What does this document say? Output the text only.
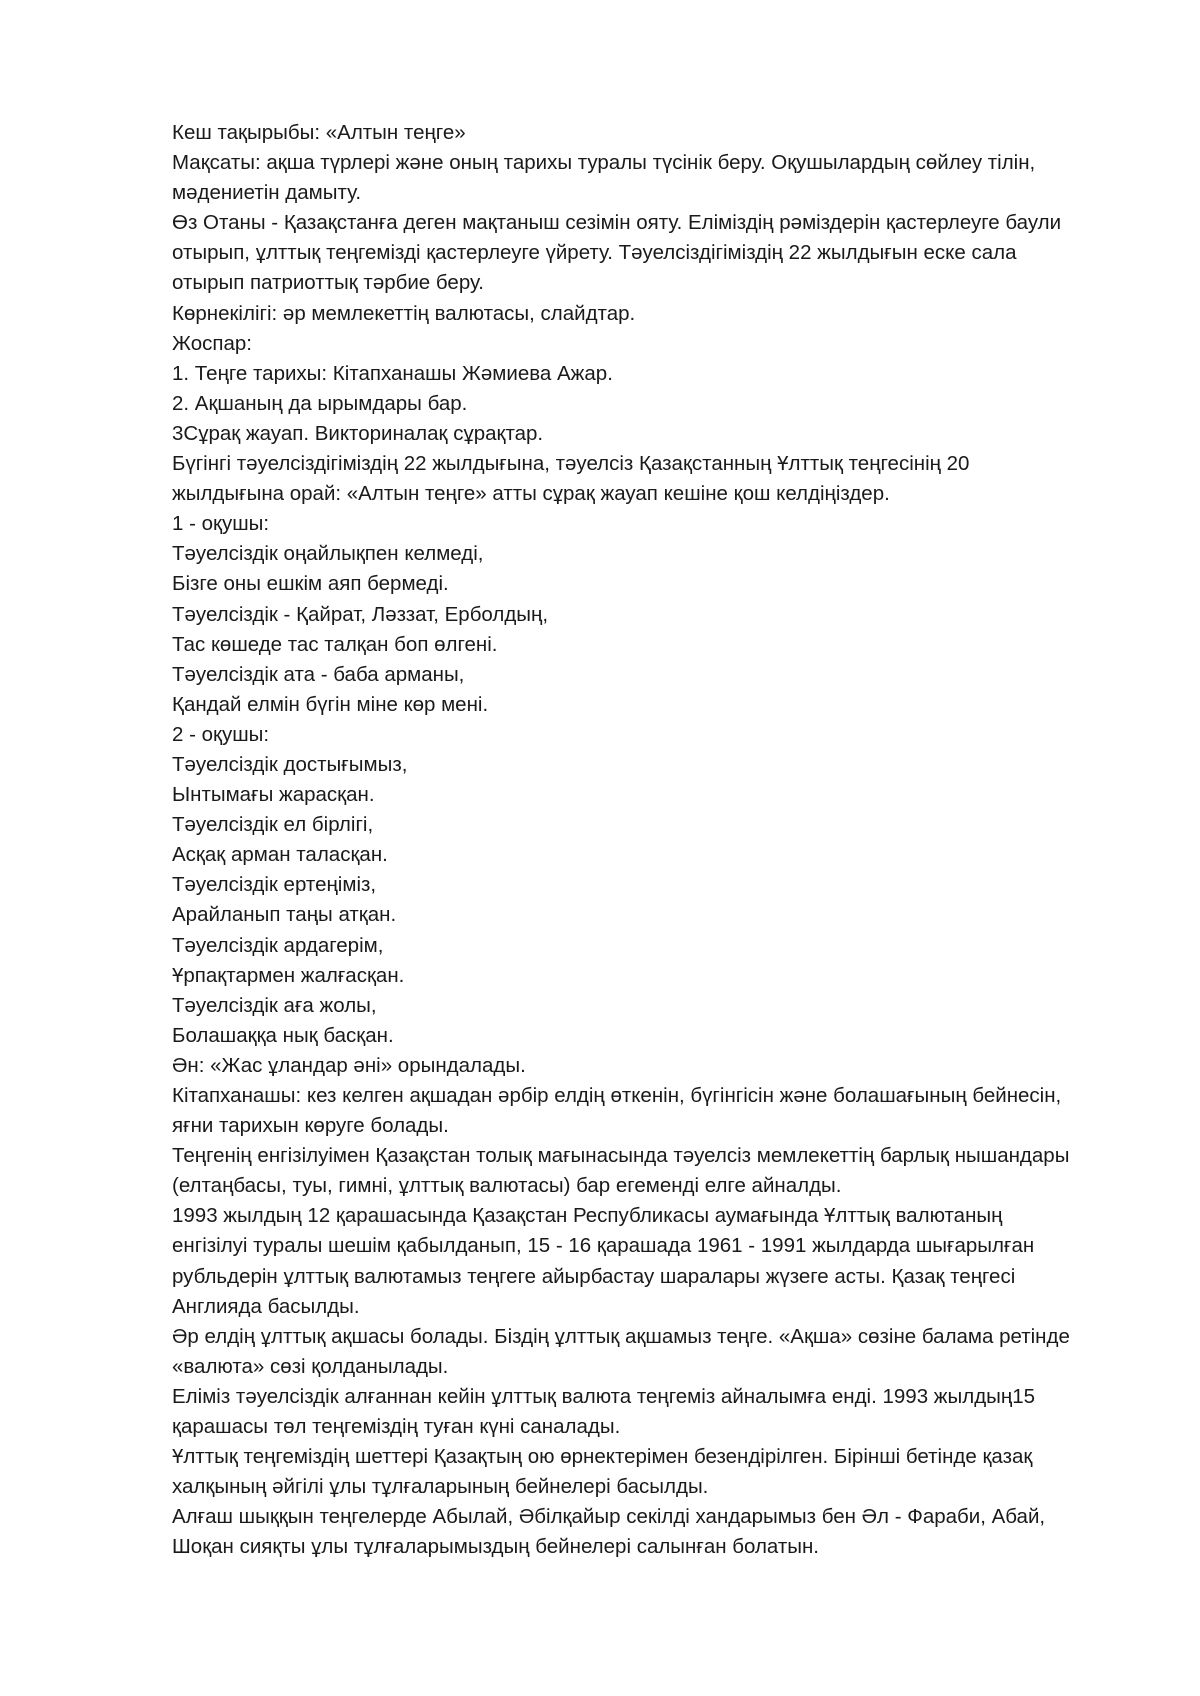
Кеш тақырыбы: «Алтын теңге»

Мақсаты: ақша түрлері және оның тарихы туралы түсінік беру. Оқушылардың сөйлеу тілін,

мәдениетін дамыту.

Өз Отаны - Қазақстанға деген мақтаныш сезімін ояту. Еліміздің рәміздерін қастерлеуге баули

отырып, ұлттық теңгемізді қастерлеуге үйрету. Тәуелсіздігіміздің 22 жылдығын еске сала

отырып патриоттық тәрбие беру.

Көрнекілігі: әр мемлекеттің валютасы, слайдтар.

Жоспар:

1. Теңге тарихы: Кітапханашы Жәмиева Ажар.

2. Ақшаның да ырымдары бар.

3Сұрақ жауап. Викториналақ сұрақтар.

Бүгінгі тәуелсіздігіміздің 22 жылдығына, тәуелсіз Қазақстанның Ұлттық теңгесінің 20

жылдығына орай: «Алтын теңге» атты сұрақ жауап кешіне қош келдіңіздер.

1 - оқушы:

Тәуелсіздік оңайлықпен келмеді,

Бізге оны ешкім аяп бермеді.

Тәуелсіздік - Қайрат, Ләззат, Ерболдың,

Тас көшеде тас талқан боп өлгені.

Тәуелсіздік ата - баба арманы,

Қандай елмін бүгін міне көр мені.

2 - оқушы:

Тәуелсіздік достығымыз,

Ынтымағы жарасқан.

Тәуелсіздік ел бірлігі,

Асқақ арман таласқан.

Тәуелсіздік ертеңіміз,

Арайланып таңы атқан.

Тәуелсіздік ардагерім,

Ұрпақтармен жалғасқан.

Тәуелсіздік аға жолы,

Болашаққа нық басқан.

Ән: «Жас ұландар әні» орындалады.

Кітапханашы: кез келген ақшадан әрбір елдің өткенін, бүгінгісін және болашағының бейнесін,

яғни тарихын көруге болады.

Теңгенің енгізілуімен Қазақстан толық мағынасында тәуелсіз мемлекеттің барлық нышандары

(елтаңбасы, туы, гимні, ұлттық валютасы) бар егеменді елге айналды.

1993 жылдың 12 қарашасында Қазақстан Республикасы аумағында Ұлттық валютаның

енгізілуі туралы шешім қабылданып, 15 - 16 қарашада 1961 - 1991 жылдарда шығарылған

рубльдерін ұлттық валютамыз теңгеге айырбастау шаралары жүзеге асты. Қазақ теңгесі

Англияда басылды.

Әр елдің ұлттық ақшасы болады. Біздің ұлттық ақшамыз теңге. «Ақша» сөзіне балама ретінде

«валюта» сөзі қолданылады.

Еліміз тәуелсіздік алғаннан кейін ұлттық валюта теңгеміз айналымға енді. 1993 жылдың15

қарашасы төл теңгеміздің туған күні саналады.

Ұлттық теңгеміздің шеттері Қазақтың ою өрнектерімен безендірілген. Бірінші бетінде қазақ

халқының әйгілі ұлы тұлғаларының бейнелері басылды.

Алғаш шыққын теңгелерде Абылай, Әбілқайыр секілді хандарымыз бен Әл - Фараби, Абай,

Шоқан сияқты ұлы тұлғаларымыздың бейнелері салынған болатын.
